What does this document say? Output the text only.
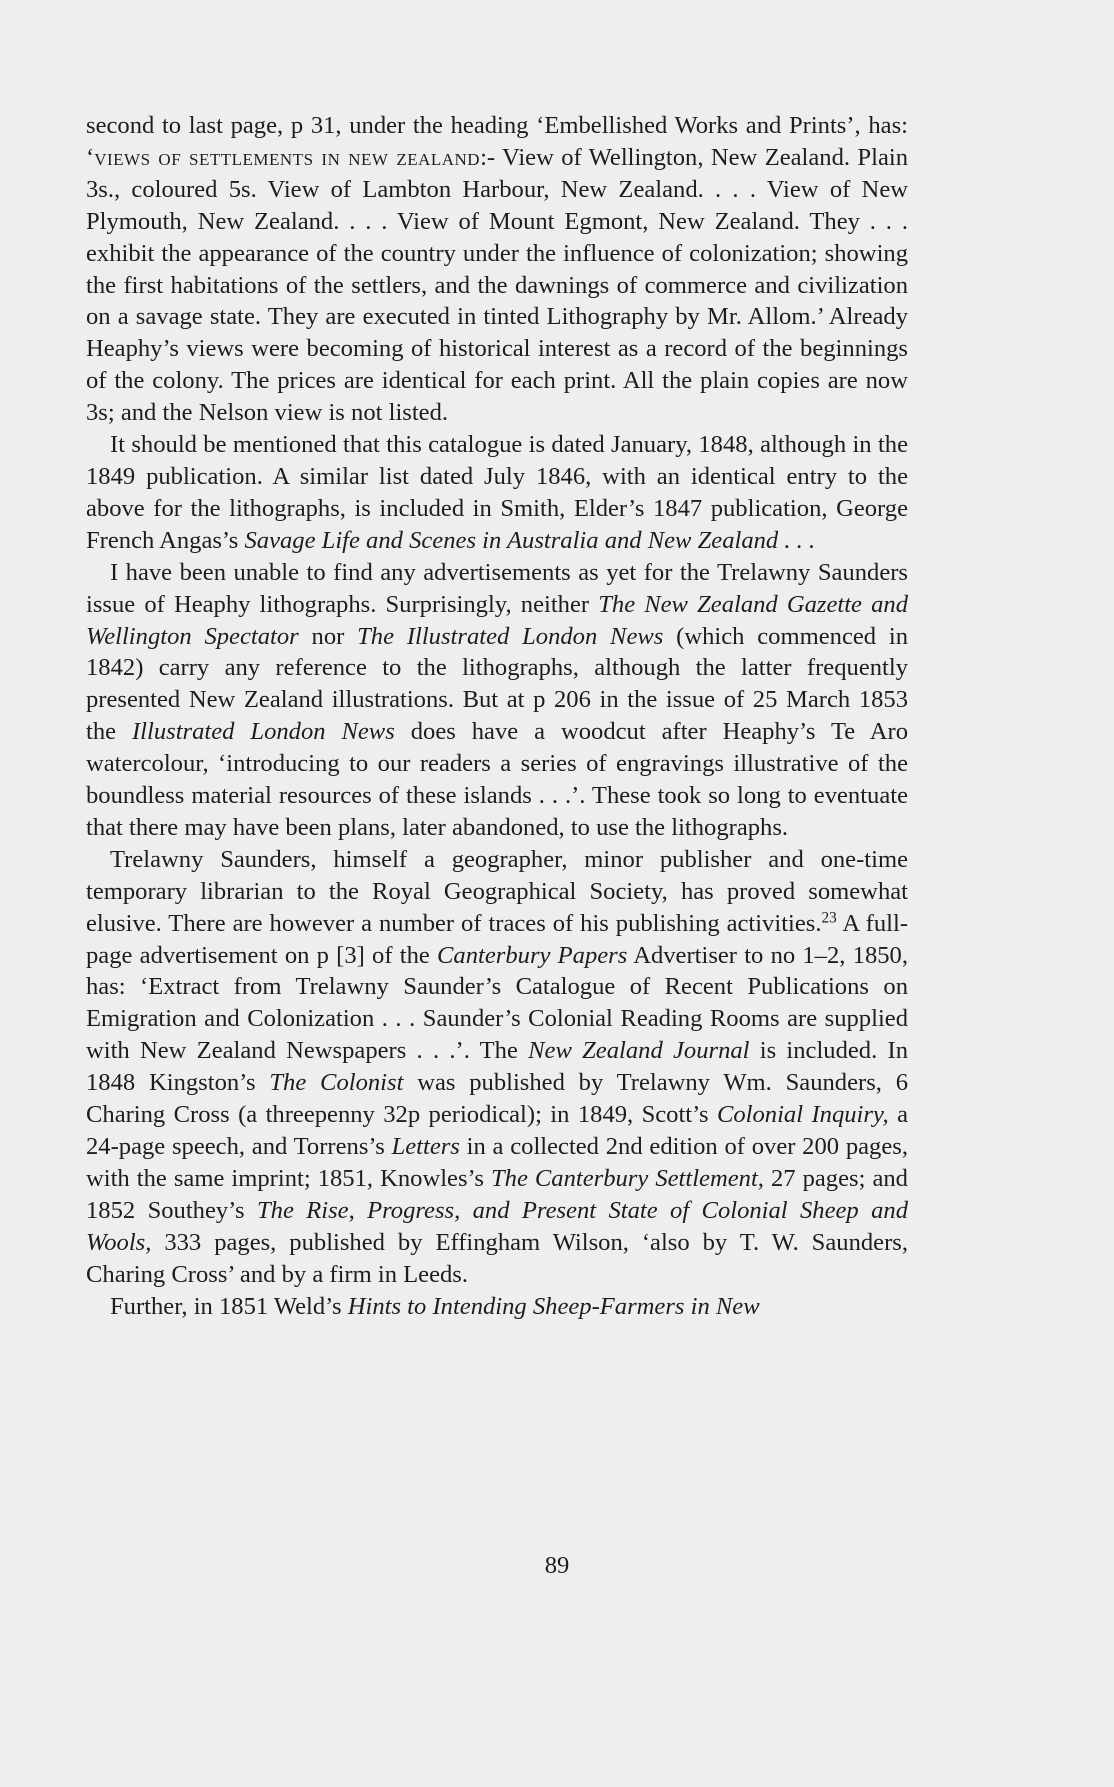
second to last page, p 31, under the heading ‘Embellished Works and Prints’, has: ‘views of settlements in new zealand:- View of Wellington, New Zealand. Plain 3s., coloured 5s. View of Lambton Harbour, New Zealand. . . . View of New Plymouth, New Zealand. . . . View of Mount Egmont, New Zealand. They . . . exhibit the appearance of the country under the influence of colonization; showing the first habitations of the settlers, and the dawnings of commerce and civilization on a savage state. They are executed in tinted Lithography by Mr. Allom.’ Already Heaphy’s views were becoming of historical interest as a record of the beginnings of the colony. The prices are identical for each print. All the plain copies are now 3s; and the Nelson view is not listed.

It should be mentioned that this catalogue is dated January, 1848, although in the 1849 publication. A similar list dated July 1846, with an identical entry to the above for the lithographs, is included in Smith, Elder’s 1847 publication, George French Angas’s Savage Life and Scenes in Australia and New Zealand . . .

I have been unable to find any advertisements as yet for the Trelawny Saunders issue of Heaphy lithographs. Surprisingly, neither The New Zealand Gazette and Wellington Spectator nor The Illustrated London News (which commenced in 1842) carry any reference to the lithographs, although the latter frequently presented New Zealand illustrations. But at p 206 in the issue of 25 March 1853 the Illustrated London News does have a woodcut after Heaphy’s Te Aro watercolour, ‘introducing to our readers a series of engravings illustrative of the boundless material resources of these islands . . .’. These took so long to eventuate that there may have been plans, later abandoned, to use the lithographs.

Trelawny Saunders, himself a geographer, minor publisher and one-time temporary librarian to the Royal Geographical Society, has proved somewhat elusive. There are however a number of traces of his publishing activities.$^{23}$ A full-page advertisement on p [3] of the Canterbury Papers Advertiser to no 1–2, 1850, has: ‘Extract from Trelawny Saunder’s Catalogue of Recent Publications on Emigration and Colonization . . . Saunder’s Colonial Reading Rooms are supplied with New Zealand Newspapers . . .’. The New Zealand Journal is included. In 1848 Kingston’s The Colonist was published by Trelawny Wm. Saunders, 6 Charing Cross (a threepenny 32p periodical); in 1849, Scott’s Colonial Inquiry, a 24-page speech, and Torrens’s Letters in a collected 2nd edition of over 200 pages, with the same imprint; 1851, Knowles’s The Canterbury Settlement, 27 pages; and 1852 Southey’s The Rise, Progress, and Present State of Colonial Sheep and Wools, 333 pages, published by Effingham Wilson, ‘also by T. W. Saunders, Charing Cross’ and by a firm in Leeds.

Further, in 1851 Weld’s Hints to Intending Sheep-Farmers in New

89
